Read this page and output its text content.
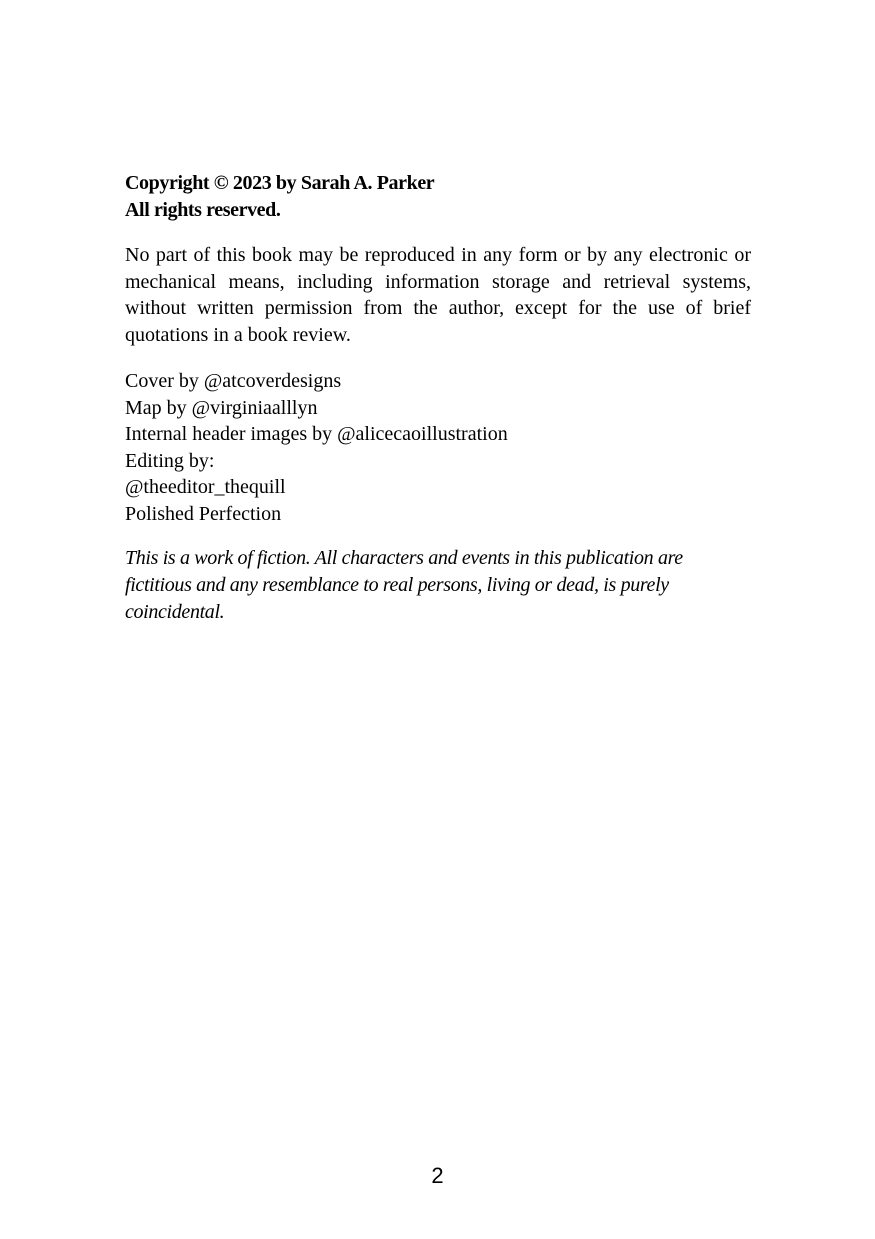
Copyright © 2023 by Sarah A. Parker
All rights reserved.

No part of this book may be reproduced in any form or by any electronic or mechanical means, including information storage and retrieval systems, without written permission from the author, except for the use of brief quotations in a book review.

Cover by @atcoverdesigns
Map by @virginiaalllyn
Internal header images by @alicecaoillustration
Editing by:
@theeditor_thequill
Polished Perfection

This is a work of fiction. All characters and events in this publication are fictitious and any resemblance to real persons, living or dead, is purely coincidental.

2
